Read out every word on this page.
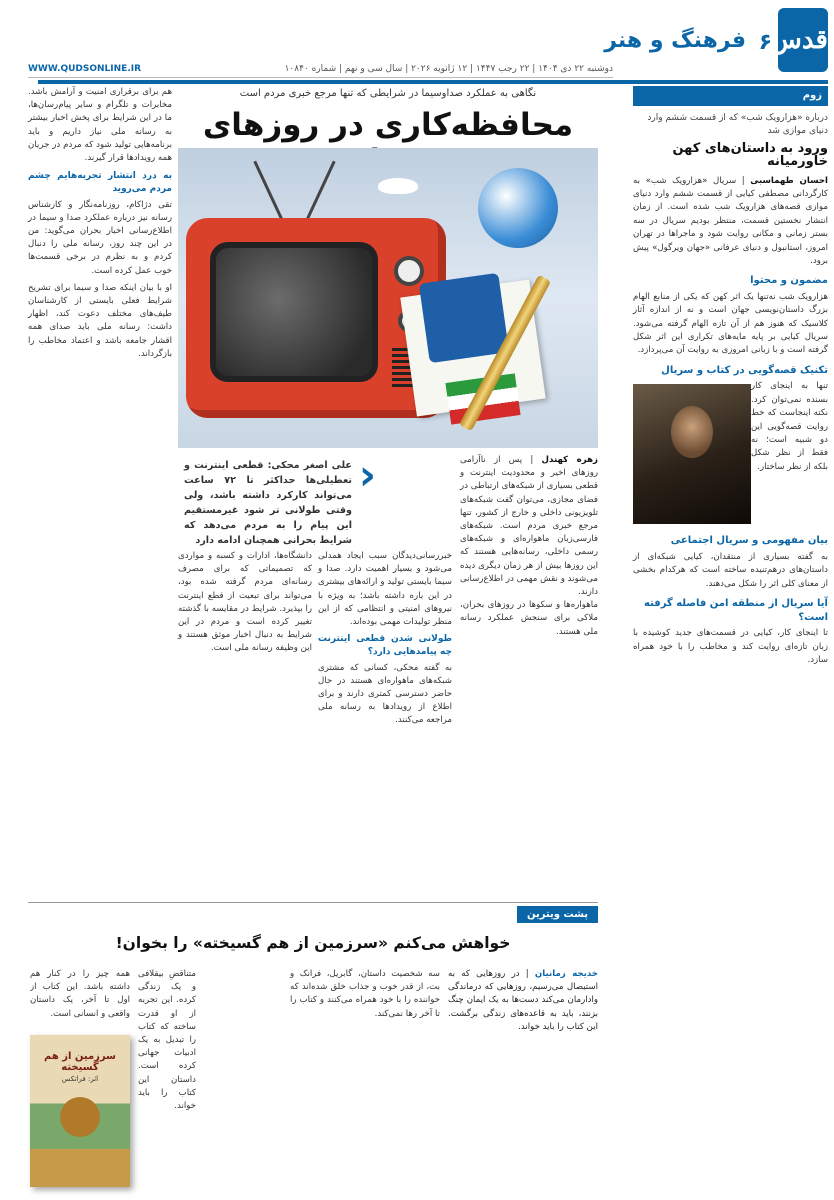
قدس
۶
فرهنگ و هنر
دوشنبه ۲۲ دی ۱۴۰۴ | ۲۲ رجب ۱۴۴۷ | ۱۲ ژانویه ۲۰۲۶ | سال سی و نهم | شماره ۱۰۸۴۰
WWW.QUDSONLINE.IR
زوم
درباره «هزارویک شب» که از قسمت ششم وارد دنیای موازی شد
ورود به داستان‌های کهن خاورمیانه
احسان طهماسبی | سریال «هزارویک شب» به کارگردانی مصطفی کیایی از قسمت ششم وارد دنیای موازی قصه‌های هزارویک شب شده است. از زمان انتشار نخستین قسمت، منتظر بودیم سریال در سه بستر زمانی و مکانی روایت شود و ماجراها در تهران امروز، استانبول و دنیای عرفانی «جهان ویرگول» پیش برود.
مضمون و محتوا
هزارویک شب نه‌تنها یک اثر کهن که یکی از منابع الهام بزرگ داستان‌نویسی جهان است و نه از اندازه آثار کلاسیک که هنوز هم از آن تازه الهام گرفته می‌شود. سریال کیایی بر پایه مایه‌های تکراری این اثر شکل گرفته است و با زبانی امروزی به روایت آن می‌پردازد.
تکنیک قصه‌گویی در کتاب و سریال
تنها به اینجای کار بسنده نمی‌توان کرد. نکته اینجاست که خط روایت قصه‌گویی این دو شبیه است؛ نه فقط از نظر شکل بلکه از نظر ساختار.
بیان مفهومی و سریال اجتماعی
به گفته بسیاری از منتقدان، کیایی شبکه‌ای از داستان‌های درهم‌تنیده ساخته است که هرکدام بخشی از معنای کلی اثر را شکل می‌دهند.
آیا سریال از منطقه امن فاصله گرفته است؟
تا اینجای کار، کیایی در قسمت‌های جدید کوشیده با زبان تازه‌ای روایت کند و مخاطب را با خود همراه سازد.
نگاهی به عملکرد صداوسیما در شرایطی که تنها مرجع خبری مردم است
محافظه‌کاری در روزهای
‹
علی اصغر محکی: قطعی اینترنت و تعطیلی‌ها حداکثر تا ۷۲ ساعت می‌تواند کارکرد داشته باشد، ولی وقتی طولانی تر شود غیرمستقیم این پیام را به مردم می‌دهد که شرایط بحرانی همچنان ادامه دارد
زهره کهندل | پس از ناآرامی روزهای اخیر و محدودیت اینترنت و قطعی بسیاری از شبکه‌های ارتباطی در فضای مجازی، می‌توان گفت شبکه‌های تلویزیونی داخلی و خارج از کشور، تنها مرجع خبری مردم است. شبکه‌های فارسی‌زبان ماهواره‌ای و شبکه‌های رسمی داخلی، رسانه‌هایی هستند که این روزها بیش از هر زمان دیگری دیده می‌شوند و نقش مهمی در اطلاع‌رسانی دارند.
ماهواره‌ها و سکوها در روزهای بحران، ملاکی برای سنجش عملکرد رسانه ملی هستند.
خبررسانی‌دیدگان سبب ایجاد همدلی می‌شود و بسیار اهمیت دارد. صدا و سیما بایستی تولید و ارائه‌های بیشتری در این باره داشته باشد؛ به ویژه با نیروهای امنیتی و انتظامی که از این منظر تولیدات مهمی بوده‌اند.
طولانی شدن قطعی اینترنت چه پیامدهایی دارد؟
به گفته محکی، کسانی که مشتری شبکه‌های ماهواره‌ای هستند در حال حاضر دسترسی کمتری دارند و برای اطلاع از رویدادها به رسانه ملی مراجعه می‌کنند.
دانشگاه‌ها، ادارات و کسبه و مواردی که تصمیماتی که برای مصرف رسانه‌ای مردم گرفته شده بود، می‌تواند برای تبعیت از قطع اینترنت را بپذیرد. شرایط در مقایسه با گذشته تغییر کرده است و مردم در این شرایط به دنبال اخبار موثق هستند و این وظیفه رسانه ملی است.
هم برای برقراری امنیت و آرامش باشد. مخابرات و تلگرام و سایر پیام‌رسان‌ها، ما در این شرایط برای پخش اخبار بیشتر به رسانه ملی نیاز داریم و باید برنامه‌هایی تولید شود که مردم در جریان همه رویدادها قرار گیرند.
به درد انتشار تجربه‌هایم چشم مردم می‌روید
تقی دژاکام، روزنامه‌نگار و کارشناس رسانه نیز درباره عملکرد صدا و سیما در اطلاع‌رسانی اخبار بحران می‌گوید: من در این چند روز، رسانه ملی را دنبال کردم و به نظرم در برخی قسمت‌ها خوب عمل کرده است.
او با بیان اینکه صدا و سیما برای تشریح شرایط فعلی بایستی از کارشناسان طیف‌های مختلف دعوت کند، اظهار داشت: رسانه ملی باید صدای همه اقشار جامعه باشد و اعتماد مخاطب را بازگرداند.
پشت ویترین
خواهش می‌کنم «سرزمین از هم گسیخته» را بخوان!
خدیجه زمانیان | در روزهایی که به استیصال می‌رسیم، روزهایی که درماندگی وادارمان می‌کند دست‌ها به یک ایمان چنگ بزنند، باید به قاعده‌های زندگی برگشت. این کتاب را باید خواند.
سه شخصیت داستان، گابریل، فرانک و بت، از قدر خوب و جذاب خلق شده‌اند که خواننده را با خود همراه می‌کنند و کتاب را تا آخر رها نمی‌کند.
متناقضِ بیقلافی و یک زندگی کرده. این تجربه از او قدرت ساخته که کتاب را تبدیل به یک ادبیات جهانی کرده است. داستان این کتاب را باید خواند.
همه چیز را در کنار هم داشته باشد. این کتاب از اول تا آخر، یک داستان واقعی و انسانی است.
سرزمین از هم گسیخته
اثر: فراتکس
